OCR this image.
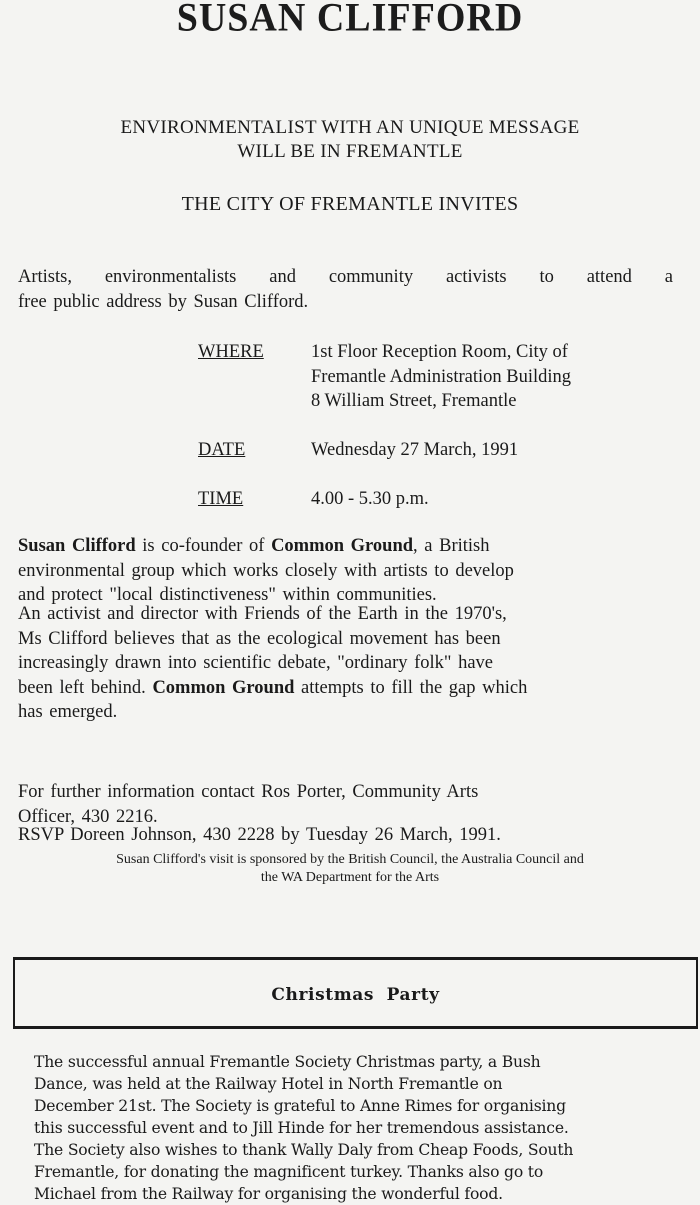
SUSAN CLIFFORD
ENVIRONMENTALIST WITH AN UNIQUE MESSAGE
WILL BE IN FREMANTLE
THE CITY OF FREMANTLE INVITES
Artists, environmentalists and community activists to attend a
free public address by Susan Clifford.
WHERE	1st Floor Reception Room, City of
Fremantle Administration Building
8 William Street, Fremantle
DATE	Wednesday 27 March, 1991
TIME	4.00 - 5.30 p.m.
Susan Clifford is co-founder of Common Ground, a British
environmental group which works closely with artists to develop
and protect "local distinctiveness" within communities.
An activist and director with Friends of the Earth in the 1970's,
Ms Clifford believes that as the ecological movement has been
increasingly drawn into scientific debate, "ordinary folk" have
been left behind. Common Ground attempts to fill the gap which
has emerged.
For further information contact Ros Porter, Community Arts
Officer, 430 2216.
RSVP Doreen Johnson, 430 2228 by Tuesday 26 March, 1991.
Susan Clifford's visit is sponsored by the British Council, the Australia Council and
the WA Department for the Arts
Christmas Party

The successful annual Fremantle Society Christmas party, a Bush

Dance, was held at the Railway Hotel in North Fremantle on

December 21st. The Society is grateful to Anne Rimes for organising

this successful event and to Jill Hinde for her tremendous assistance.

The Society also wishes to thank Wally Daly from Cheap Foods, South

Fremantle, for donating the magnificent turkey. Thanks also go to

Michael from the Railway for organising the wonderful food.
